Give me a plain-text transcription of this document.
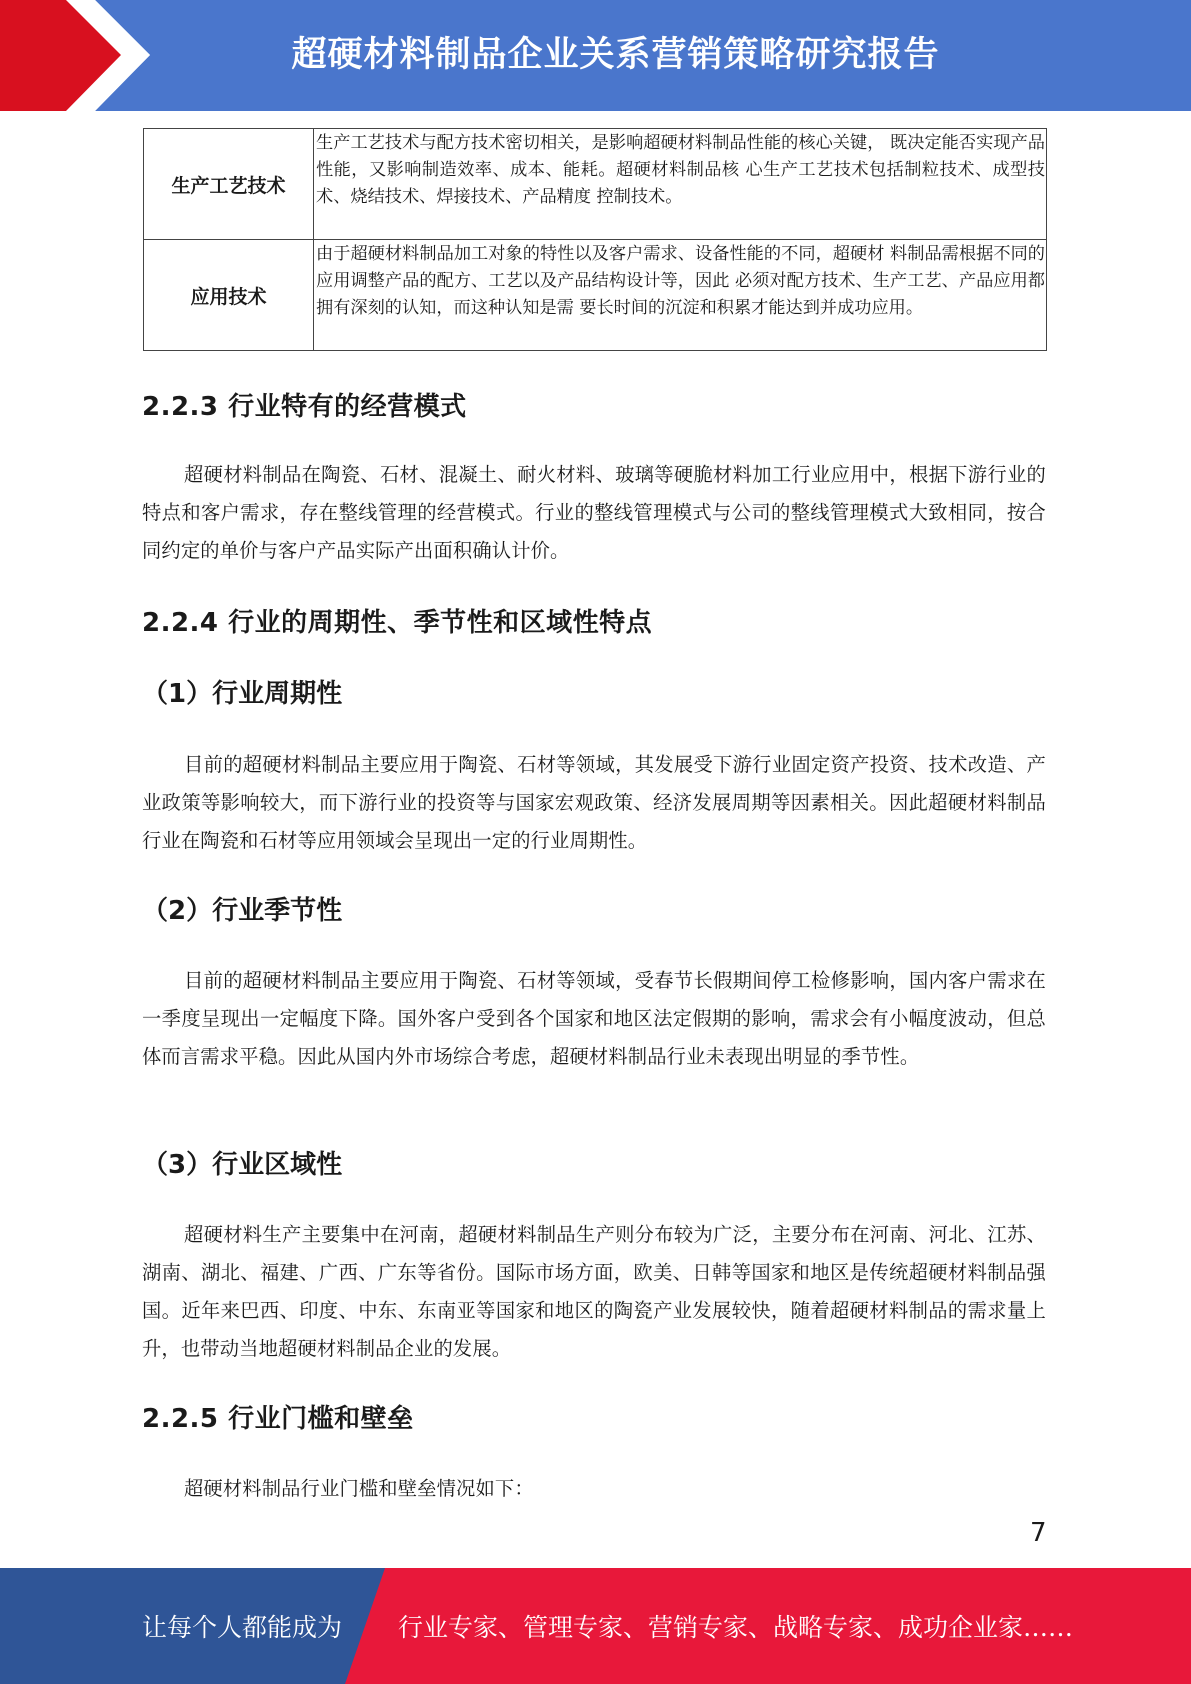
超硬材料制品企业关系营销策略研究报告
生产工艺技术	生产工艺技术与配方技术密切相关，是影响超硬材料制品性能的核心关键， 既决定能否实现产品性能，又影响制造效率、成本、能耗。超硬材料制品核 心生产工艺技术包括制粒技术、成型技术、烧结技术、焊接技术、产品精度 控制技术。
应用技术	由于超硬材料制品加工对象的特性以及客户需求、设备性能的不同，超硬材 料制品需根据不同的应用调整产品的配方、工艺以及产品结构设计等，因此 必须对配方技术、生产工艺、产品应用都拥有深刻的认知，而这种认知是需 要长时间的沉淀和积累才能达到并成功应用。
2.2.3 行业特有的经营模式
超硬材料制品在陶瓷、石材、混凝土、耐火材料、玻璃等硬脆材料加工行业应用中，根据下游行业的特点和客户需求，存在整线管理的经营模式。行业的整线管理模式与公司的整线管理模式大致相同，按合同约定的单价与客户产品实际产出面积确认计价。
2.2.4 行业的周期性、季节性和区域性特点
（1）行业周期性
目前的超硬材料制品主要应用于陶瓷、石材等领域，其发展受下游行业固定资产投资、技术改造、产业政策等影响较大，而下游行业的投资等与国家宏观政策、经济发展周期等因素相关。因此超硬材料制品行业在陶瓷和石材等应用领域会呈现出一定的行业周期性。
（2）行业季节性
目前的超硬材料制品主要应用于陶瓷、石材等领域，受春节长假期间停工检修影响，国内客户需求在一季度呈现出一定幅度下降。国外客户受到各个国家和地区法定假期的影响，需求会有小幅度波动，但总体而言需求平稳。因此从国内外市场综合考虑，超硬材料制品行业未表现出明显的季节性。
（3）行业区域性
超硬材料生产主要集中在河南，超硬材料制品生产则分布较为广泛，主要分布在河南、河北、江苏、湖南、湖北、福建、广西、广东等省份。国际市场方面，欧美、日韩等国家和地区是传统超硬材料制品强国。近年来巴西、印度、中东、东南亚等国家和地区的陶瓷产业发展较快，随着超硬材料制品的需求量上升，也带动当地超硬材料制品企业的发展。
2.2.5 行业门槛和壁垒
超硬材料制品行业门槛和壁垒情况如下：
7
让每个人都能成为 行业专家、管理专家、营销专家、战略专家、成功企业家……
